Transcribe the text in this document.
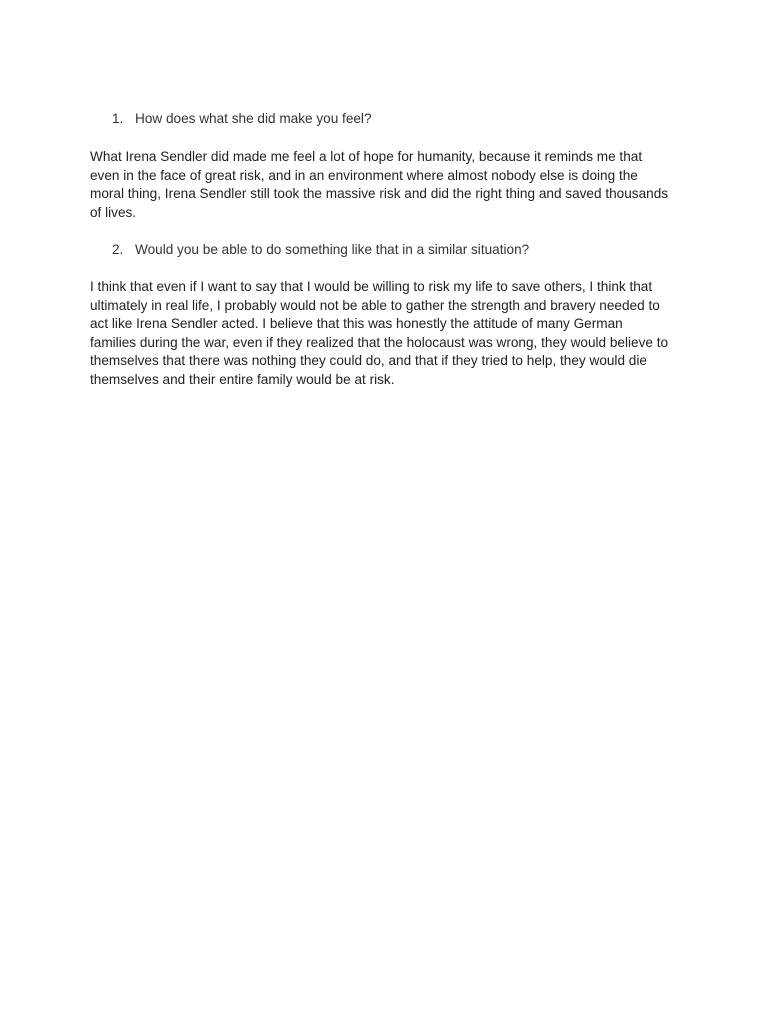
1. How does what she did make you feel?
What Irena Sendler did made me feel a lot of hope for humanity, because it reminds me that
even in the face of great risk, and in an environment where almost nobody else is doing the
moral thing, Irena Sendler still took the massive risk and did the right thing and saved thousands
of lives.
2. Would you be able to do something like that in a similar situation?
I think that even if I want to say that I would be willing to risk my life to save others, I think that
ultimately in real life, I probably would not be able to gather the strength and bravery needed to
act like Irena Sendler acted. I believe that this was honestly the attitude of many German
families during the war, even if they realized that the holocaust was wrong, they would believe to
themselves that there was nothing they could do, and that if they tried to help, they would die
themselves and their entire family would be at risk.
